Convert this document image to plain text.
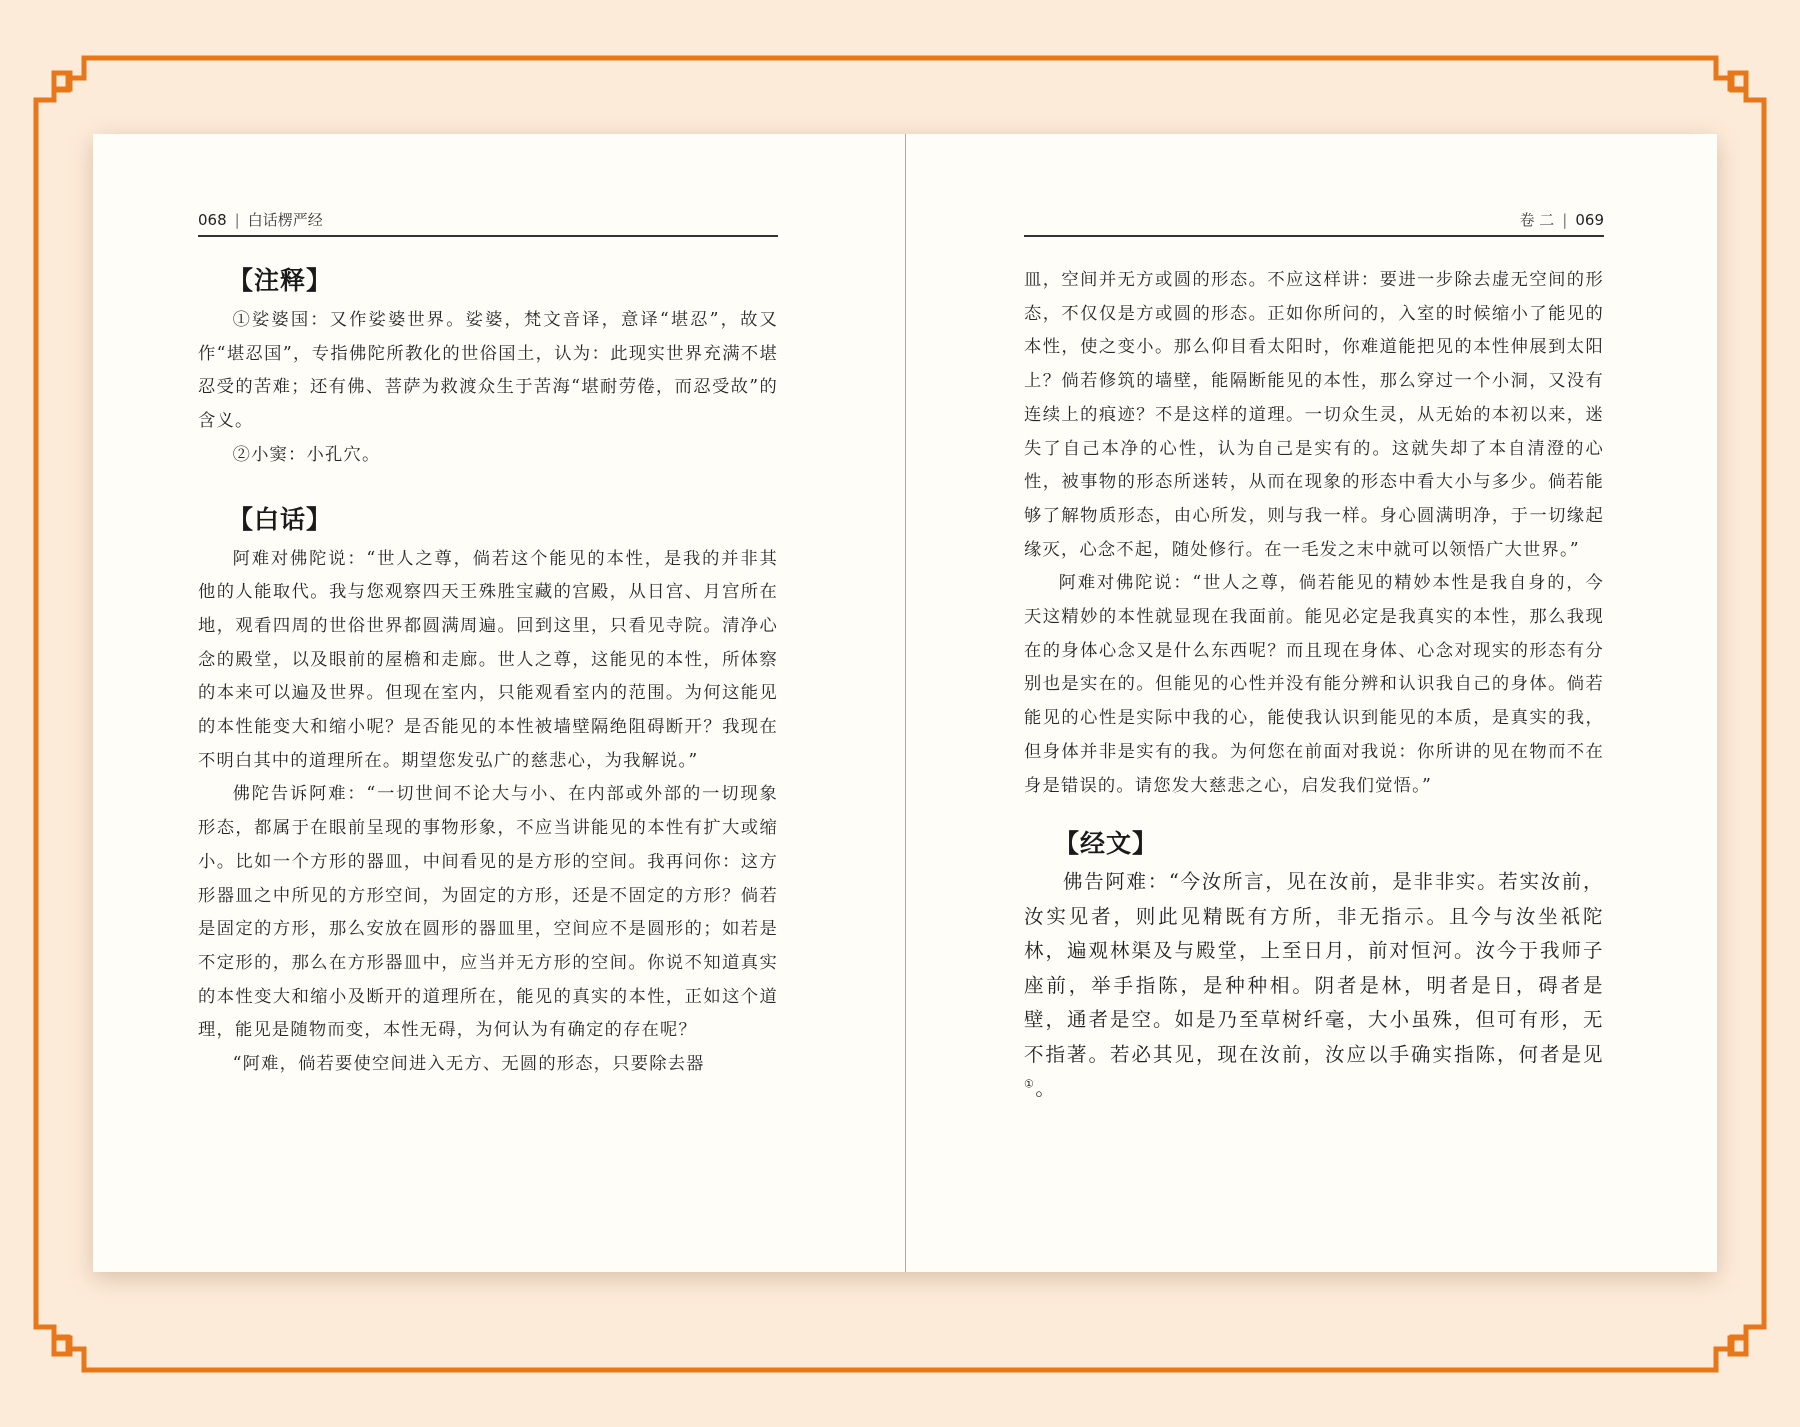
068 | 白话楞严经
【注释】

①娑婆国：又作娑婆世界。娑婆，梵文音译，意译“堪忍”，故又作“堪忍国”，专指佛陀所教化的世俗国土，认为：此现实世界充满不堪忍受的苦难；还有佛、菩萨为救渡众生于苦海“堪耐劳倦，而忍受故”的含义。

②小窦：小孔穴。

【白话】

阿难对佛陀说：“世人之尊，倘若这个能见的本性，是我的并非其他的人能取代。我与您观察四天王殊胜宝藏的宫殿，从日宫、月宫所在地，观看四周的世俗世界都圆满周遍。回到这里，只看见寺院。清净心念的殿堂，以及眼前的屋檐和走廊。世人之尊，这能见的本性，所体察的本来可以遍及世界。但现在室内，只能观看室内的范围。为何这能见的本性能变大和缩小呢？是否能见的本性被墙壁隔绝阻碍断开？我现在不明白其中的道理所在。期望您发弘广的慈悲心，为我解说。”

佛陀告诉阿难：“一切世间不论大与小、在内部或外部的一切现象形态，都属于在眼前呈现的事物形象，不应当讲能见的本性有扩大或缩小。比如一个方形的器皿，中间看见的是方形的空间。我再问你：这方形器皿之中所见的方形空间，为固定的方形，还是不固定的方形？倘若是固定的方形，那么安放在圆形的器皿里，空间应不是圆形的；如若是不定形的，那么在方形器皿中，应当并无方形的空间。你说不知道真实的本性变大和缩小及断开的道理所在，能见的真实的本性，正如这个道理，能见是随物而变，本性无碍，为何认为有确定的存在呢？

“阿难，倘若要使空间进入无方、无圆的形态，只要除去器

卷 二 | 069

皿，空间并无方或圆的形态。不应这样讲：要进一步除去虚无空间的形态，不仅仅是方或圆的形态。正如你所问的，入室的时候缩小了能见的本性，使之变小。那么仰目看太阳时，你难道能把见的本性伸展到太阳上？倘若修筑的墙壁，能隔断能见的本性，那么穿过一个小洞，又没有连续上的痕迹？不是这样的道理。一切众生灵，从无始的本初以来，迷失了自己本净的心性，认为自己是实有的。这就失却了本自清澄的心性，被事物的形态所迷转，从而在现象的形态中看大小与多少。倘若能够了解物质形态，由心所发，则与我一样。身心圆满明净，于一切缘起缘灭，心念不起，随处修行。在一毛发之末中就可以领悟广大世界。”

阿难对佛陀说：“世人之尊，倘若能见的精妙本性是我自身的，今天这精妙的本性就显现在我面前。能见必定是我真实的本性，那么我现在的身体心念又是什么东西呢？而且现在身体、心念对现实的形态有分别也是实在的。但能见的心性并没有能分辨和认识我自己的身体。倘若能见的心性是实际中我的心，能使我认识到能见的本质，是真实的我，但身体并非是实有的我。为何您在前面对我说：你所讲的见在物而不在身是错误的。请您发大慈悲之心，启发我们觉悟。”

【经文】

佛告阿难：“今汝所言，见在汝前，是非非实。若实汝前，汝实见者，则此见精既有方所，非无指示。且今与汝坐祇陀林，遍观林渠及与殿堂，上至日月，前对恒河。汝今于我师子座前，举手指陈，是种种相。阴者是林，明者是日，碍者是壁，通者是空。如是乃至草树纤毫，大小虽殊，但可有形，无不指著。若必其见，现在汝前，汝应以手确实指陈，何者是见①。
